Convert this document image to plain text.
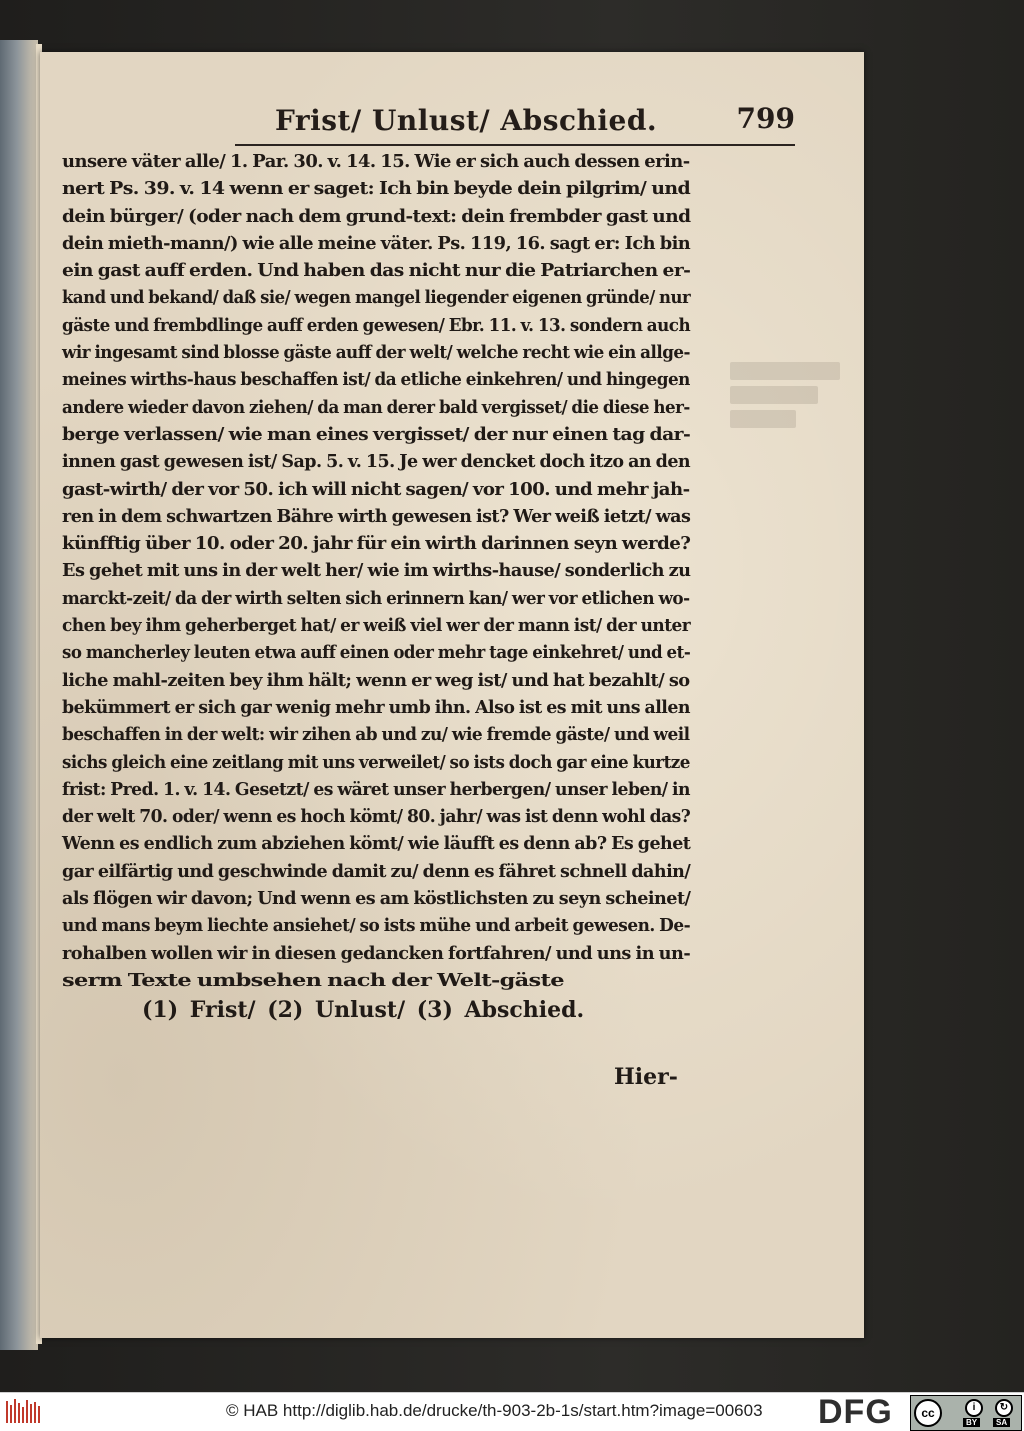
Frist/ Unlust/ Abschied.	799
unsere väter alle/ 1. Par. 30. v. 14. 15. Wie er sich auch dessen erin-
nert Ps. 39. v. 14 wenn er saget: Ich bin beyde dein pilgrim/ und
dein bürger/ (oder nach dem grund-text: dein frembder gast und
dein mieth-mann/) wie alle meine väter. Ps. 119, 16. sagt er: Ich bin
ein gast auff erden. Und haben das nicht nur die Patriarchen er-
kand und bekand/ daß sie/ wegen mangel liegender eigenen gründe/ nur
gäste und frembdlinge auff erden gewesen/ Ebr. 11. v. 13. sondern auch
wir ingesamt sind blosse gäste auff der welt/ welche recht wie ein allge-
meines wirths-haus beschaffen ist/ da etliche einkehren/ und hingegen
andere wieder davon ziehen/ da man derer bald vergisset/ die diese her-
berge verlassen/ wie man eines vergisset/ der nur einen tag dar-
innen gast gewesen ist/ Sap. 5. v. 15. Je wer dencket doch itzo an den
gast-wirth/ der vor 50. ich will nicht sagen/ vor 100. und mehr jah-
ren in dem schwartzen Bähre wirth gewesen ist? Wer weiß ietzt/ was
künfftig über 10. oder 20. jahr für ein wirth darinnen seyn werde?
Es gehet mit uns in der welt her/ wie im wirths-hause/ sonderlich zu
marckt-zeit/ da der wirth selten sich erinnern kan/ wer vor etlichen wo-
chen bey ihm geherberget hat/ er weiß viel wer der mann ist/ der unter
so mancherley leuten etwa auff einen oder mehr tage einkehret/ und et-
liche mahl-zeiten bey ihm hält; wenn er weg ist/ und hat bezahlt/ so
bekümmert er sich gar wenig mehr umb ihn. Also ist es mit uns allen
beschaffen in der welt: wir zihen ab und zu/ wie fremde gäste/ und weil
sichs gleich eine zeitlang mit uns verweilet/ so ists doch gar eine kurtze
frist: Pred. 1. v. 14. Gesetzt/ es wäret unser herbergen/ unser leben/ in
der welt 70. oder/ wenn es hoch kömt/ 80. jahr/ was ist denn wohl das?
Wenn es endlich zum abziehen kömt/ wie läufft es denn ab? Es gehet
gar eilfärtig und geschwinde damit zu/ denn es fähret schnell dahin/
als flögen wir davon; Und wenn es am köstlichsten zu seyn scheinet/
und mans beym liechte ansiehet/ so ists mühe und arbeit gewesen. De-
rohalben wollen wir in diesen gedancken fortfahren/ und uns in un-
serm Texte umbsehen nach der Welt-gäste
(1) Frist/ (2) Unlust/ (3) Abschied.
Hier-
© HAB http://diglib.hab.de/drucke/th-903-2b-1s/start.htm?image=00603 DFG	cc	i	↻
BY	SA
